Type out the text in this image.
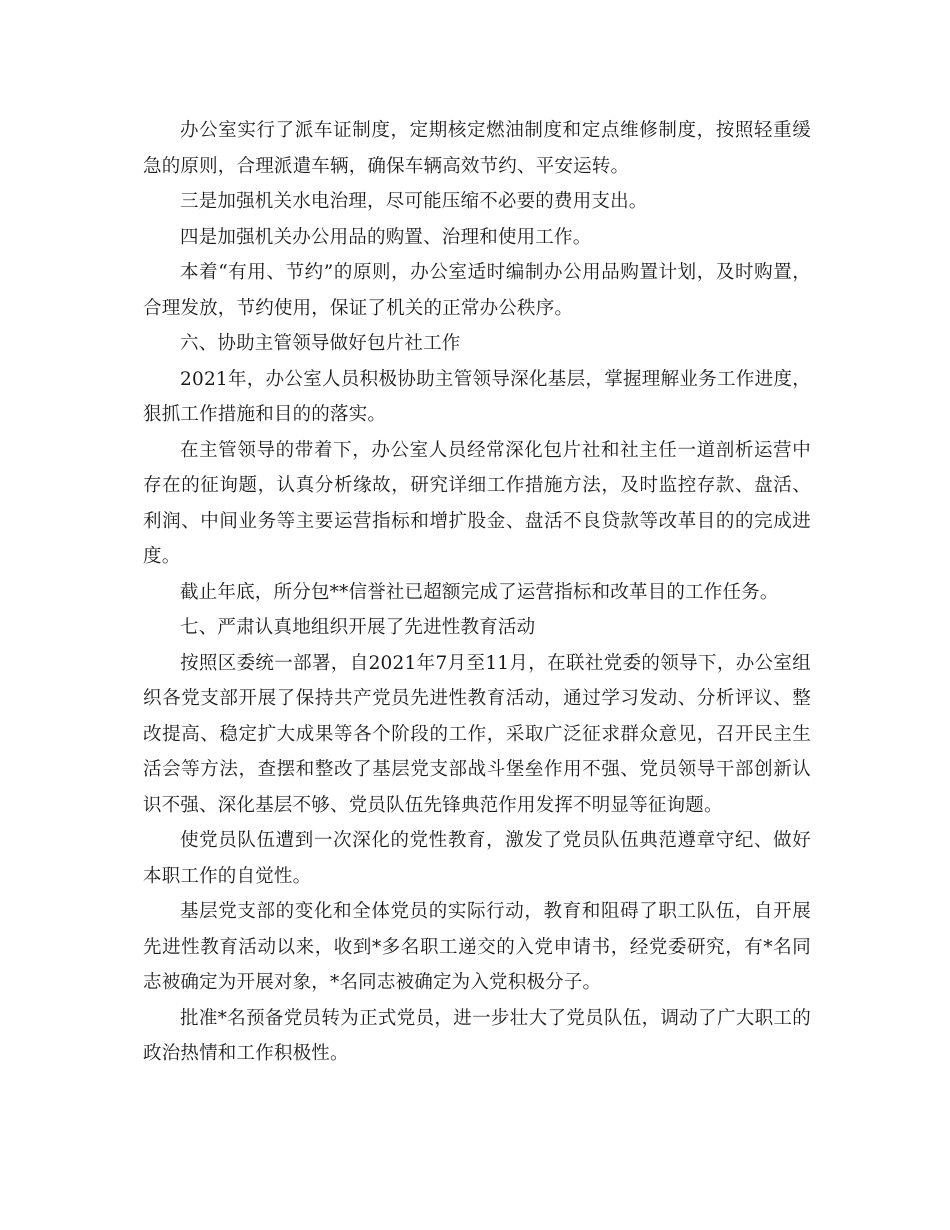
办公室实行了派车证制度，定期核定燃油制度和定点维修制度，按照轻重缓急的原则，合理派遣车辆，确保车辆高效节约、平安运转。

三是加强机关水电治理，尽可能压缩不必要的费用支出。

四是加强机关办公用品的购置、治理和使用工作。

本着“有用、节约”的原则，办公室适时编制办公用品购置计划，及时购置，合理发放，节约使用，保证了机关的正常办公秩序。

六、协助主管领导做好包片社工作

2021年，办公室人员积极协助主管领导深化基层，掌握理解业务工作进度，狠抓工作措施和目的的落实。

在主管领导的带着下，办公室人员经常深化包片社和社主任一道剖析运营中存在的征询题，认真分析缘故，研究详细工作措施方法，及时监控存款、盘活、利润、中间业务等主要运营指标和增扩股金、盘活不良贷款等改革目的的完成进度。

截止年底，所分包**信誉社已超额完成了运营指标和改革目的工作任务。

七、严肃认真地组织开展了先进性教育活动

按照区委统一部署，自2021年7月至11月，在联社党委的领导下，办公室组织各党支部开展了保持共产党员先进性教育活动，通过学习发动、分析评议、整改提高、稳定扩大成果等各个阶段的工作，采取广泛征求群众意见，召开民主生活会等方法，查摆和整改了基层党支部战斗堡垒作用不强、党员领导干部创新认识不强、深化基层不够、党员队伍先锋典范作用发挥不明显等征询题。

使党员队伍遭到一次深化的党性教育，激发了党员队伍典范遵章守纪、做好本职工作的自觉性。

基层党支部的变化和全体党员的实际行动，教育和阻碍了职工队伍，自开展先进性教育活动以来，收到*多名职工递交的入党申请书，经党委研究，有*名同志被确定为开展对象，*名同志被确定为入党积极分子。

批准*名预备党员转为正式党员，进一步壮大了党员队伍，调动了广大职工的政治热情和工作积极性。
